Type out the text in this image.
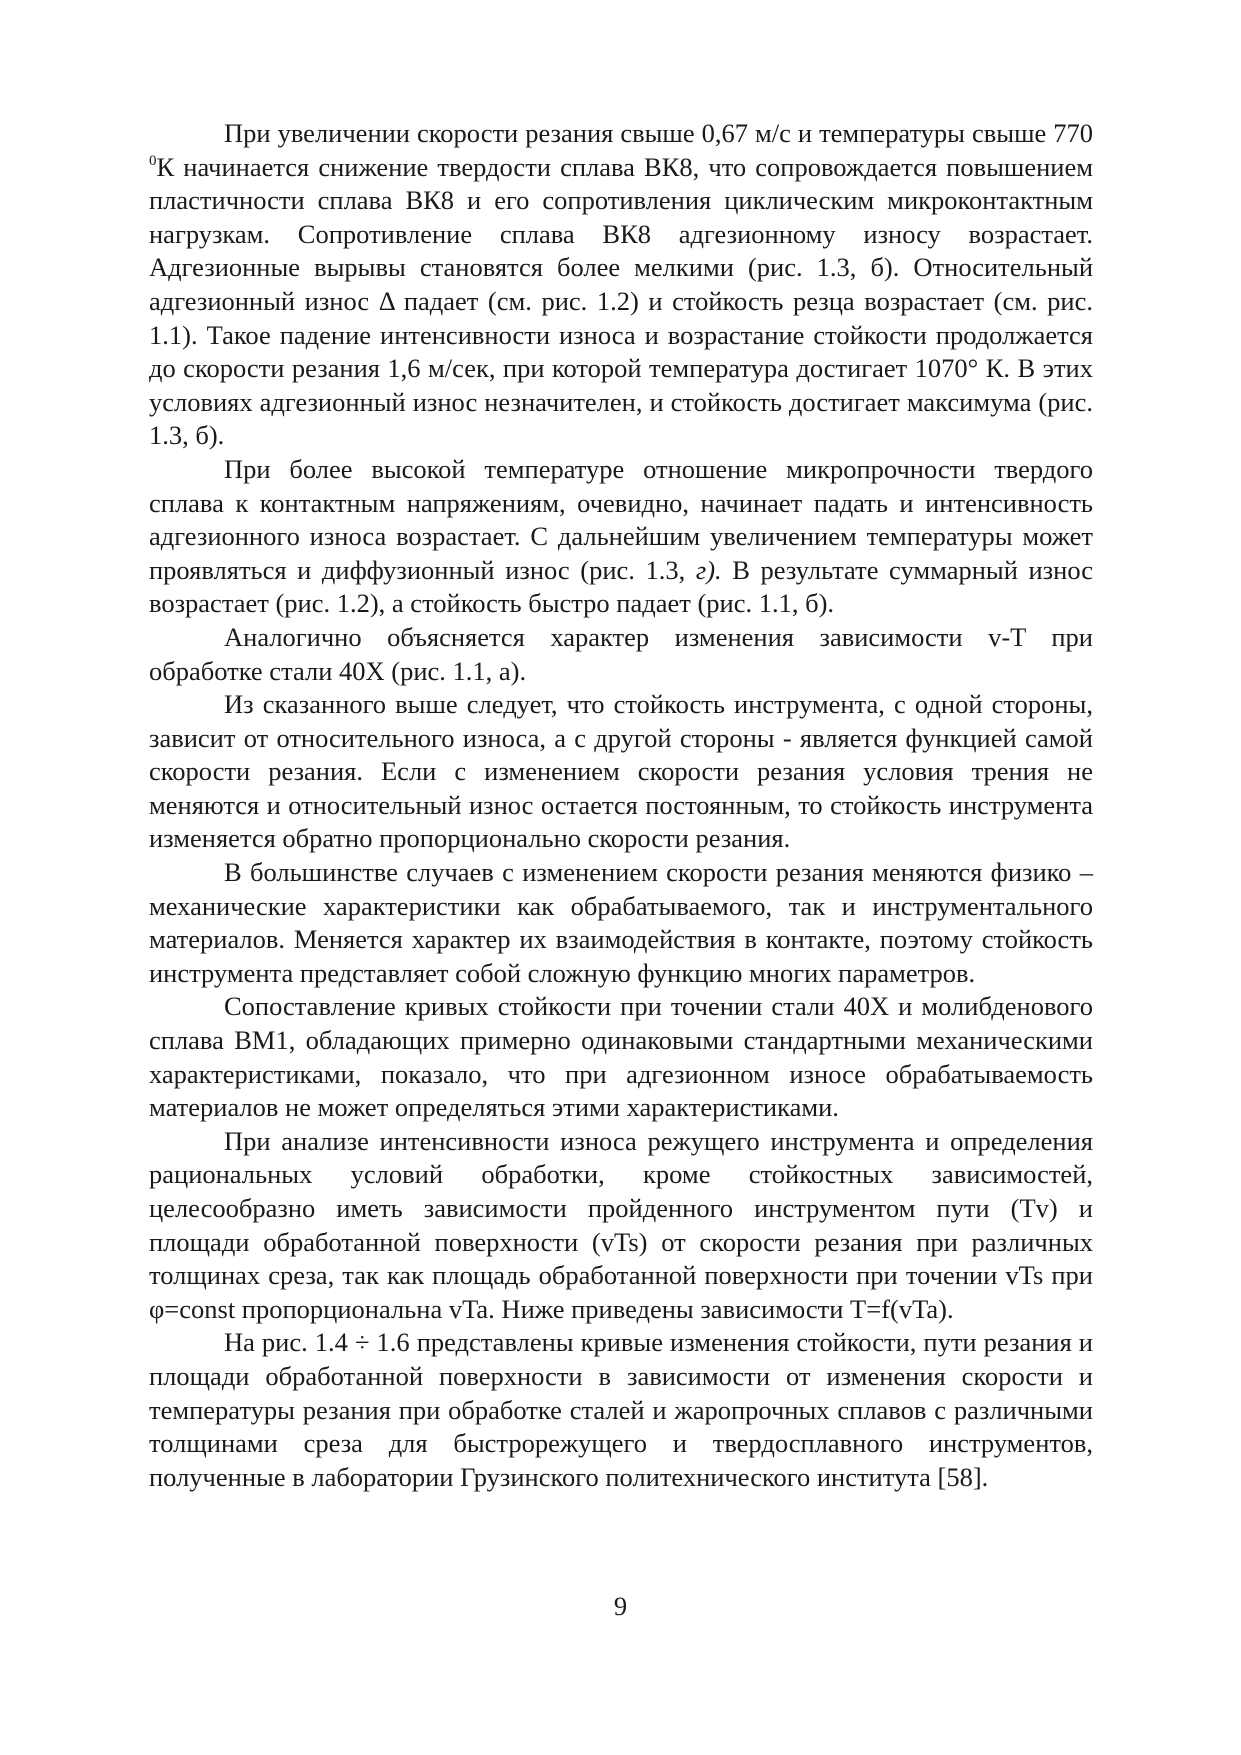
При увеличении скорости резания свыше 0,67 м/с и температуры свыше 770 $^0$К начинается снижение твердости сплава ВК8, что сопровождается повышением пластичности сплава ВК8 и его сопротивления циклическим микроконтактным нагрузкам. Сопротивление сплава ВК8 адгезионному износу возрастает. Адгезионные вырывы становятся более мелкими (рис. 1.3, б). Относительный адгезионный износ Δ падает (см. рис. 1.2) и стойкость резца возрастает (см. рис. 1.1). Такое падение интенсивности износа и возрастание стойкости продолжается до скорости резания 1,6 м/сек, при которой температура достигает 1070° К. В этих условиях адгезионный износ незначителен, и стойкость достигает максимума (рис. 1.3, б).

При более высокой температуре отношение микропрочности твердого сплава к контактным напряжениям, очевидно, начинает падать и интенсивность адгезионного износа возрастает. С дальнейшим увеличением температуры может проявляться и диффузионный износ (рис. 1.3, г). В результате суммарный износ возрастает (рис. 1.2), а стойкость быстро падает (рис. 1.1, б).

Аналогично объясняется характер изменения зависимости v-T при обработке стали 40Х (рис. 1.1, а).

Из сказанного выше следует, что стойкость инструмента, с одной стороны, зависит от относительного износа, а с другой стороны - является функцией самой скорости резания. Если с изменением скорости резания условия трения не меняются и относительный износ остается постоянным, то стойкость инструмента изменяется обратно пропорционально скорости резания.

В большинстве случаев с изменением скорости резания меняются физико – механические характеристики как обрабатываемого, так и инструментального материалов. Меняется характер их взаимодействия в контакте, поэтому стойкость инструмента представляет собой сложную функцию многих параметров.

Сопоставление кривых стойкости при точении стали 40Х и молибденового сплава ВМ1, обладающих примерно одинаковыми стандартными механическими характеристиками, показало, что при адгезионном износе обрабатываемость материалов не может определяться этими характеристиками.

При анализе интенсивности износа режущего инструмента и определения рациональных условий обработки, кроме стойкостных зависимостей, целесообразно иметь зависимости пройденного инструментом пути (Tv) и площади обработанной поверхности (vTs) от скорости резания при различных толщинах среза, так как площадь обработанной поверхности при точении vTs при φ=const пропорциональна vTa. Ниже приведены зависимости T=f(vTa).

На рис. 1.4 ÷ 1.6 представлены кривые изменения стойкости, пути резания и площади обработанной поверхности в зависимости от изменения скорости и температуры резания при обработке сталей и жаропрочных сплавов с различными толщинами среза для быстрорежущего и твердосплавного инструментов, полученные в лаборатории Грузинского политехнического института [58].

9
